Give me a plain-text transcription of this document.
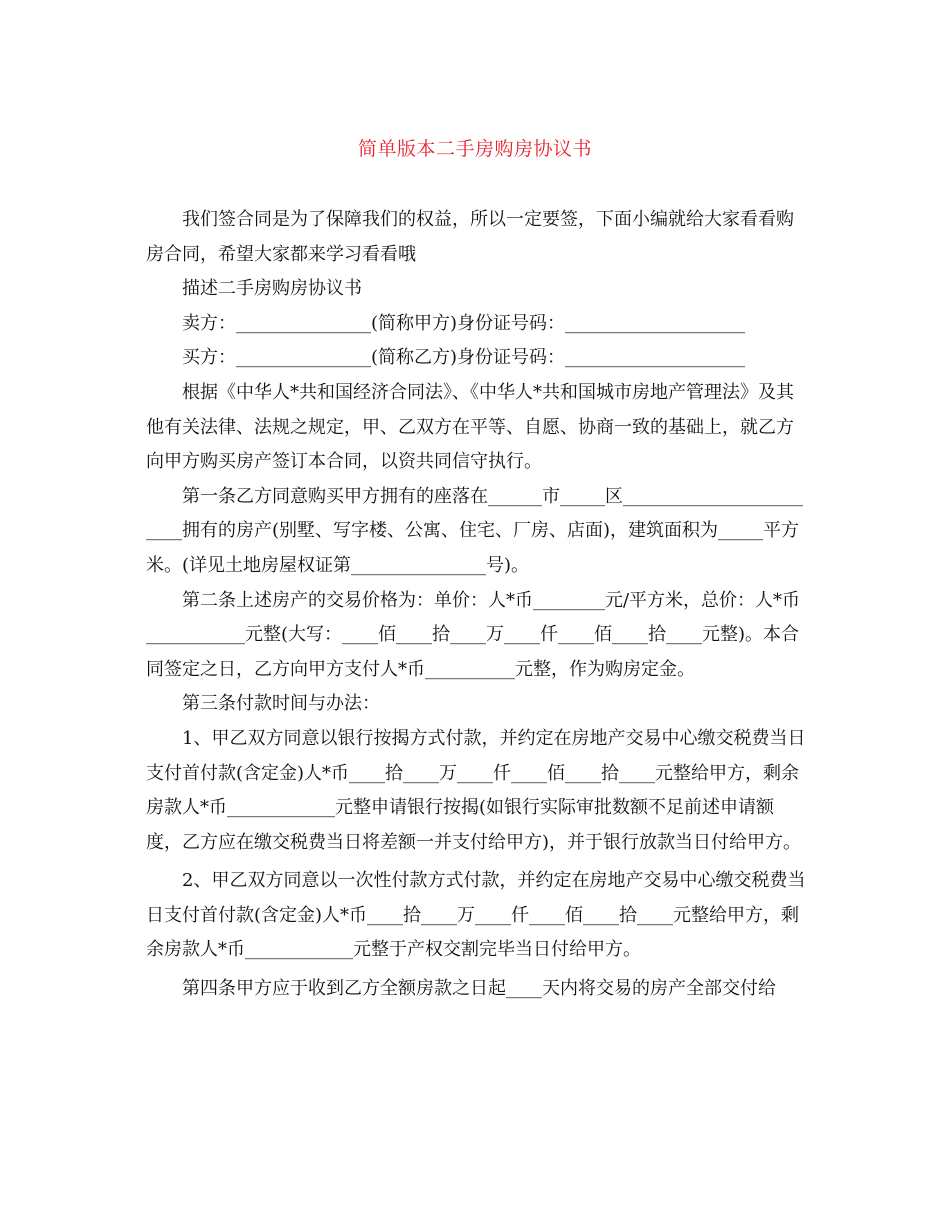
简单版本二手房购房协议书

我们签合同是为了保障我们的权益，所以一定要签，下面小编就给大家看看购房合同，希望大家都来学习看看哦

描述二手房购房协议书

卖方：_______________(简称甲方)身份证号码：____________________

买方：_______________(简称乙方)身份证号码：____________________

根据《中华人*共和国经济合同法》、《中华人*共和国城市房地产管理法》及其他有关法律、法规之规定，甲、乙双方在平等、自愿、协商一致的基础上，就乙方向甲方购买房产签订本合同，以资共同信守执行。

第一条乙方同意购买甲方拥有的座落在______市_____区________________________拥有的房产(别墅、写字楼、公寓、住宅、厂房、店面)，建筑面积为_____平方米。(详见土地房屋权证第_______________号)。

第二条上述房产的交易价格为：单价：人*币________元/平方米，总价：人*币___________元整(大写：____佰____拾____万____仟____佰____拾____元整)。本合同签定之日，乙方向甲方支付人*币__________元整，作为购房定金。

第三条付款时间与办法：

1、甲乙双方同意以银行按揭方式付款，并约定在房地产交易中心缴交税费当日支付首付款(含定金)人*币____拾____万____仟____佰____拾____元整给甲方，剩余房款人*币____________元整申请银行按揭(如银行实际审批数额不足前述申请额度，乙方应在缴交税费当日将差额一并支付给甲方)，并于银行放款当日付给甲方。

2、甲乙双方同意以一次性付款方式付款，并约定在房地产交易中心缴交税费当日支付首付款(含定金)人*币____拾____万____仟____佰____拾____元整给甲方，剩余房款人*币____________元整于产权交割完毕当日付给甲方。

第四条甲方应于收到乙方全额房款之日起____天内将交易的房产全部交付给
